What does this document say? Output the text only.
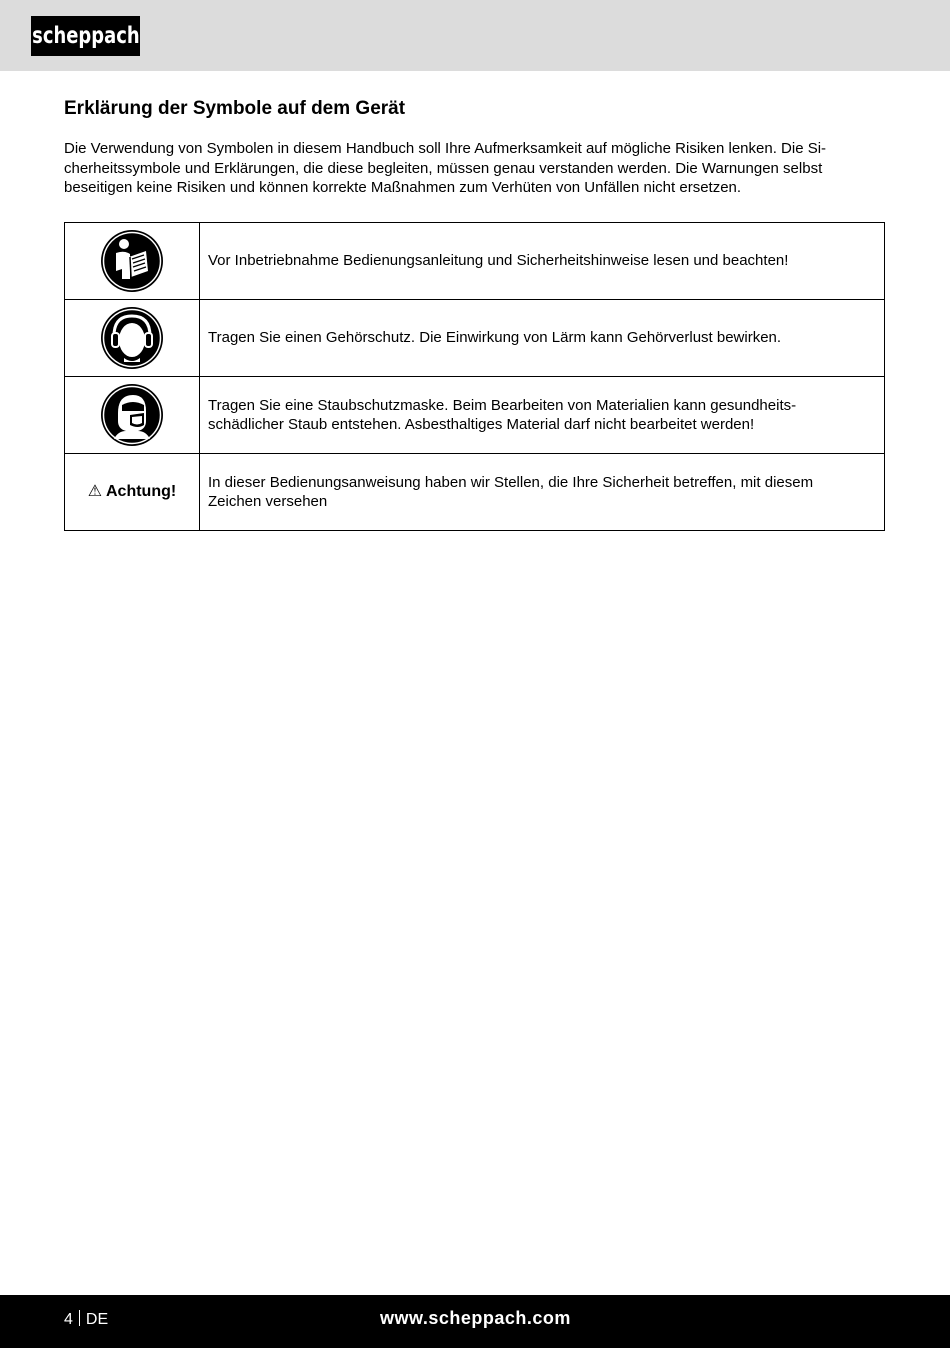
scheppach
Erklärung der Symbole auf dem Gerät

Die Verwendung von Symbolen in diesem Handbuch soll Ihre Aufmerksamkeit auf mögliche Risiken lenken. Die Si-
cherheitssymbole und Erklärungen, die diese begleiten, müssen genau verstanden werden. Die Warnungen selbst
beseitigen keine Risiken und können korrekte Maßnahmen zum Verhüten von Unfällen nicht ersetzen.

Vor Inbetriebnahme Bedienungsanleitung und Sicherheitshinweise lesen und beachten!

Tragen Sie einen Gehörschutz. Die Einwirkung von Lärm kann Gehörverlust bewirken.

Tragen Sie eine Staubschutzmaske. Beim Bearbeiten von Materialien kann gesundheits-
schädlicher Staub entstehen. Asbesthaltiges Material darf nicht bearbeitet werden!

⚠ Achtung!	In dieser Bedienungsanweisung haben wir Stellen, die Ihre Sicherheit betreffen, mit diesem
Zeichen versehen
4 DE	www.scheppach.com
